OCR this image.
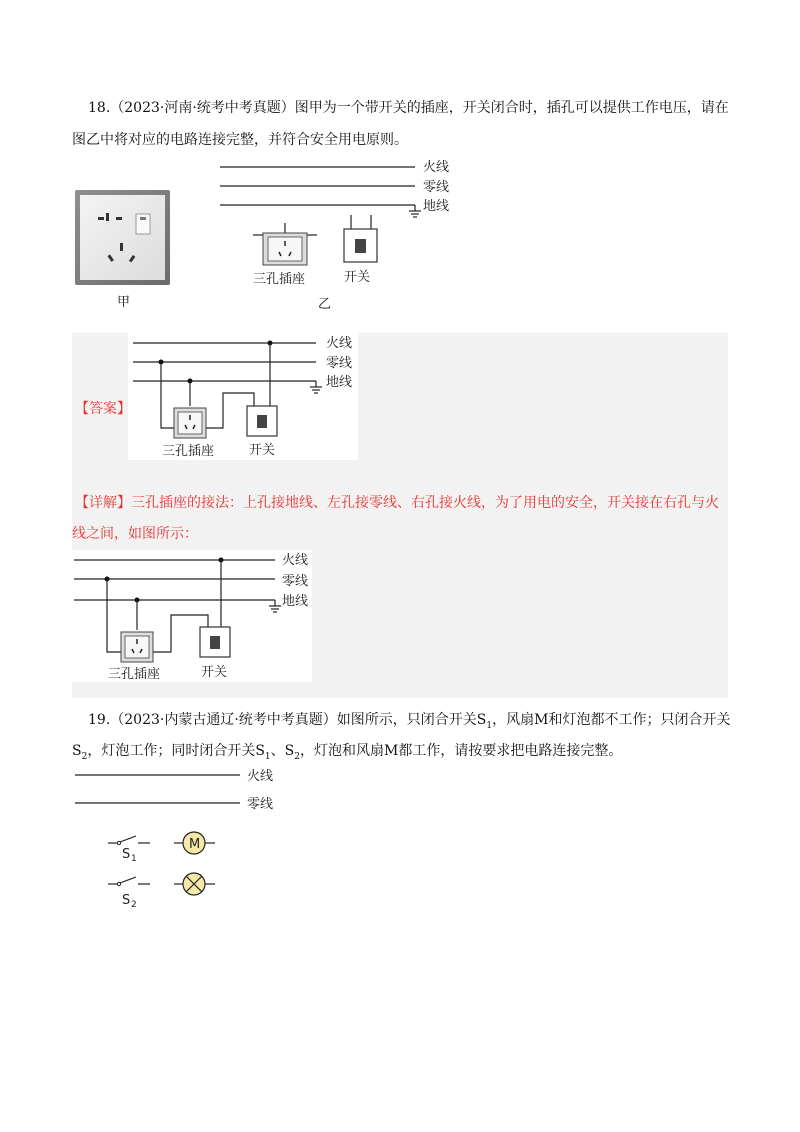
18.（2023·河南·统考中考真题）图甲为一个带开关的插座，开关闭合时，插孔可以提供工作电压，请在
图乙中将对应的电路连接完整，并符合安全用电原则。
甲
火线
零线
地线
三孔插座	开关
乙
【答案】
火线
零线
地线
三孔插座	开关
【详解】三孔插座的接法：上孔接地线、左孔接零线、右孔接火线，为了用电的安全，开关接在右孔与火
线之间，如图所示：
火线
零线
地线
三孔插座	开关
19.（2023·内蒙古通辽·统考中考真题）如图所示，只闭合开关$S_1$，风扇M和灯泡都不工作；只闭合开关
$S_2$，灯泡工作；同时闭合开关$S_1$、$S_2$，灯泡和风扇M都工作，请按要求把电路连接完整。
火线
零线
S 1
M
S 2
